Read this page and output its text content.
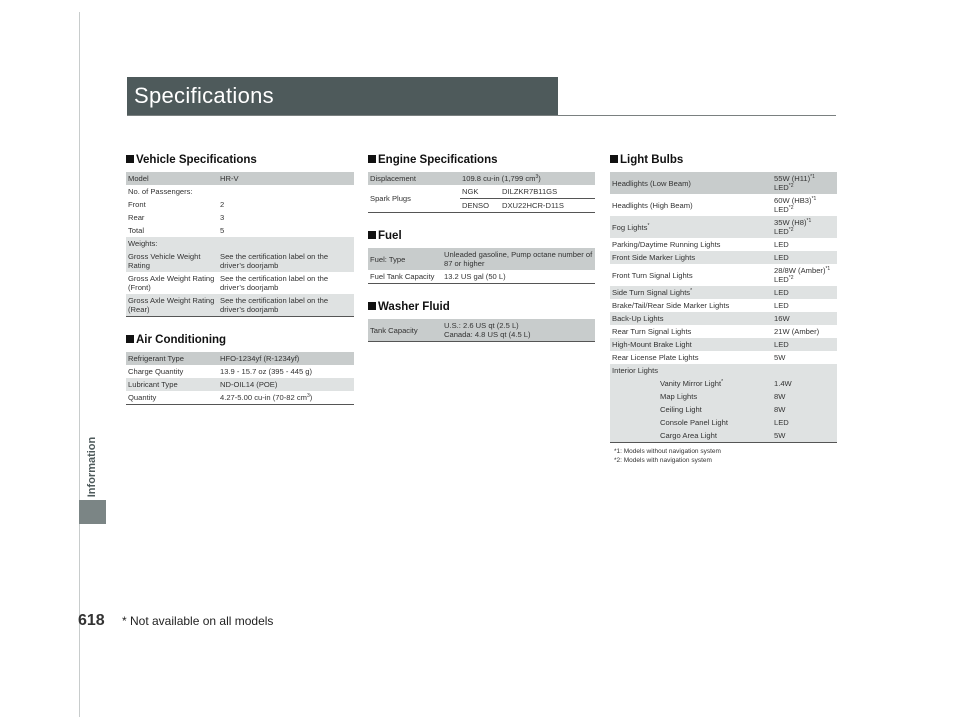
Information
618 * Not available on all models
Specifications
Vehicle Specifications
Model	HR-V
No. of Passengers:	
Front	2
Rear	3
Total	5
Weights:	
Gross Vehicle Weight Rating	See the certification label on the driver’s doorjamb
Gross Axle Weight Rating (Front)	See the certification label on the driver’s doorjamb
Gross Axle Weight Rating (Rear)	See the certification label on the driver’s doorjamb
Air Conditioning
Refrigerant Type	HFO-1234yf (R-1234yf)
Charge Quantity	13.9 - 15.7 oz (395 - 445 g)
Lubricant Type	ND-OIL14 (POE)
Quantity	4.27-5.00 cu-in (70-82 $cm^3$)
Engine Specifications
Displacement	109.8 cu-in (1,799 $cm^3$)	
Spark Plugs	NGK	DILZKR7B11GS
	DENSO	DXU22HCR-D11S
Fuel
Fuel: Type	Unleaded gasoline, Pump octane number of 87 or higher
Fuel Tank Capacity	13.2 US gal (50 L)
Washer Fluid
Tank Capacity	U.S.: 2.6 US qt (2.5 L)
Canada: 4.8 US qt (4.5 L)
Light Bulbs
Headlights (Low Beam)	55W $(H11)^{*1}$
LED$^{*2}$

Headlights (High Beam)	60W $(HB3)^{*1}$
LED$^{*2}$

Fog Lights*	35W $(H8)^{*1}$
LED$^{*2}$

Parking/Daytime Running Lights	LED
Front Side Marker Lights	LED
Front Turn Signal Lights	28/8W (Amber)$^{*1}$
LED$^{*2}$

Side Turn Signal Lights*	LED
Brake/Tail/Rear Side Marker Lights	LED
Back-Up Lights	16W
Rear Turn Signal Lights	21W (Amber)
High-Mount Brake Light	LED
Rear License Plate Lights	5W
Interior Lights	
Vanity Mirror Light*	1.4W
Map Lights	8W
Ceiling Light	8W
Console Panel Light	LED
Cargo Area Light	5W
*1: Models without navigation system
*2: Models with navigation system
